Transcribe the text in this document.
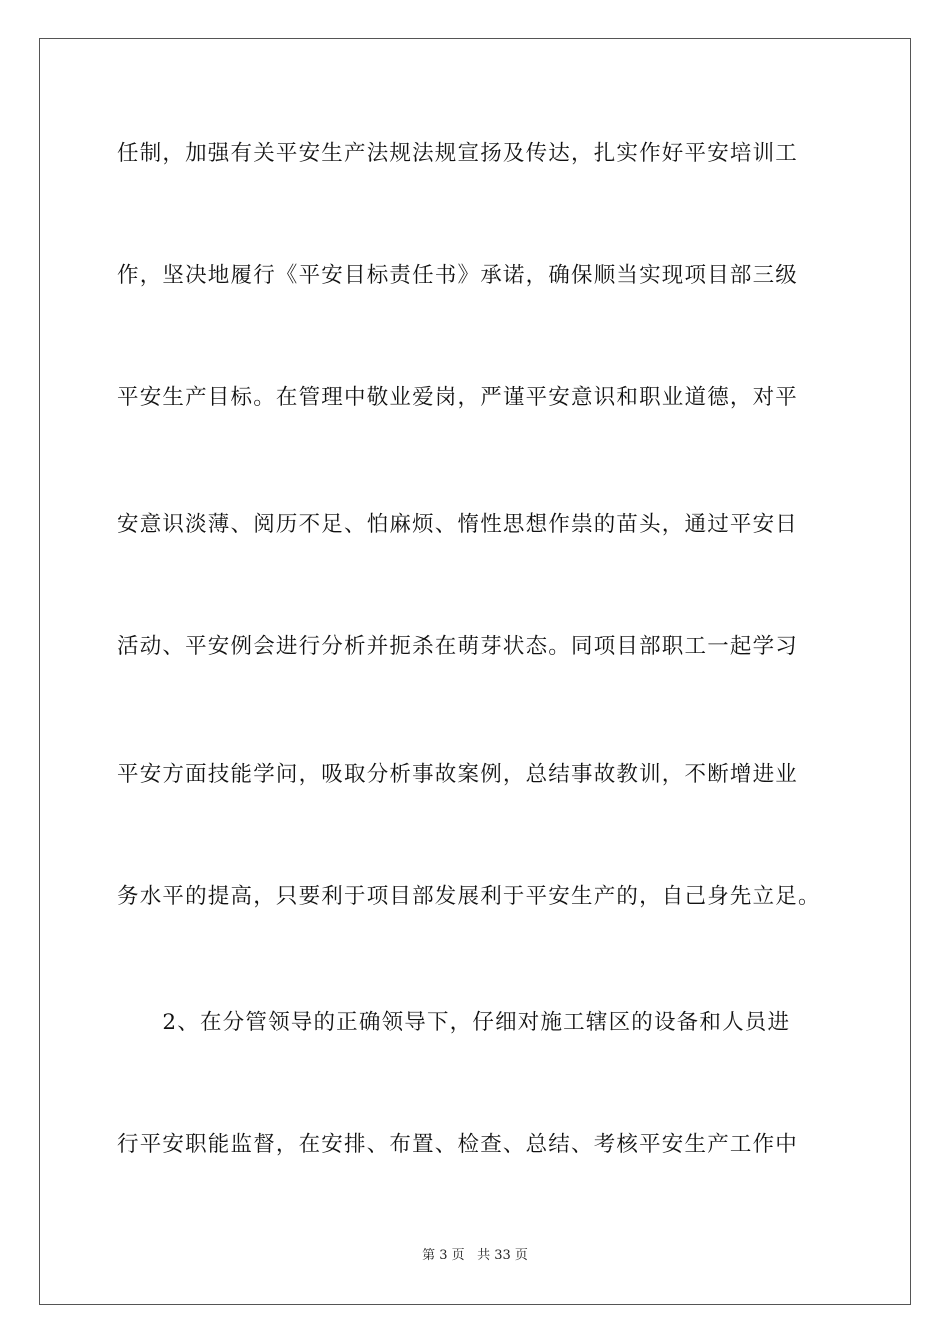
任制，加强有关平安生产法规法规宣扬及传达，扎实作好平安培训工
作，坚决地履行《平安目标责任书》承诺，确保顺当实现项目部三级
平安生产目标。在管理中敬业爱岗，严谨平安意识和职业道德，对平
安意识淡薄、阅历不足、怕麻烦、惰性思想作祟的苗头，通过平安日
活动、平安例会进行分析并扼杀在萌芽状态。同项目部职工一起学习
平安方面技能学问，吸取分析事故案例，总结事故教训，不断增进业
务水平的提高，只要利于项目部发展利于平安生产的，自己身先立足。
　　2、在分管领导的正确领导下，仔细对施工辖区的设备和人员进
行平安职能监督，在安排、布置、检查、总结、考核平安生产工作中
第 3 页 共 33 页
